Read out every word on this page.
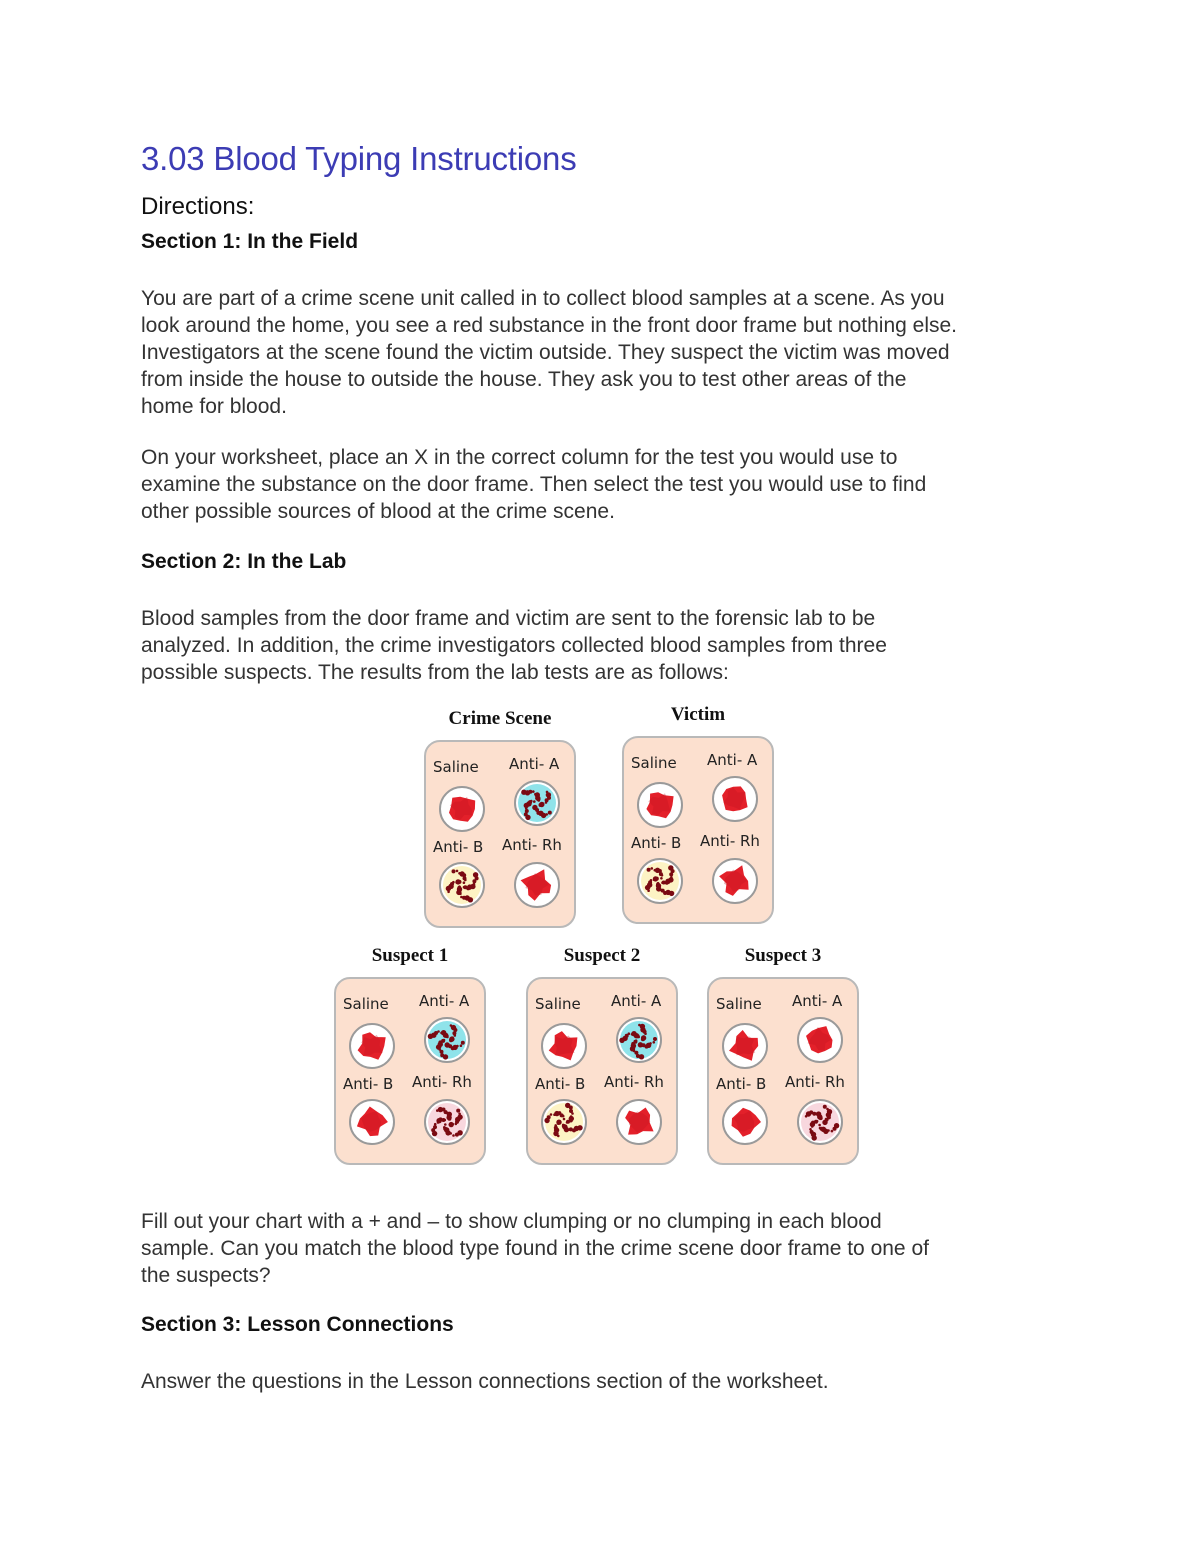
3.03 Blood Typing Instructions
Directions:
Section 1: In the Field

You are part of a crime scene unit called in to collect blood samples at a scene. As you
look around the home, you see a red substance in the front door frame but nothing else.
Investigators at the scene found the victim outside. They suspect the victim was moved
from inside the house to outside the house. They ask you to test other areas of the
home for blood.

On your worksheet, place an X in the correct column for the test you would use to
examine the substance on the door frame. Then select the test you would use to find
other possible sources of blood at the crime scene.

Section 2: In the Lab

Blood samples from the door frame and victim are sent to the forensic lab to be
analyzed. In addition, the crime investigators collected blood samples from three
possible suspects. The results from the lab tests are as follows:

Crime Scene
Saline Anti- A
Anti- B Anti- Rh
Victim
Saline Anti- A
Anti- B Anti- Rh
Suspect 1
Saline Anti- A
Anti- B Anti- Rh
Suspect 2
Saline Anti- A
Anti- B Anti- Rh
Suspect 3
Saline Anti- A
Anti- B Anti- Rh

Fill out your chart with a + and – to show clumping or no clumping in each blood
sample. Can you match the blood type found in the crime scene door frame to one of
the suspects?

Section 3: Lesson Connections

Answer the questions in the Lesson connections section of the worksheet.
